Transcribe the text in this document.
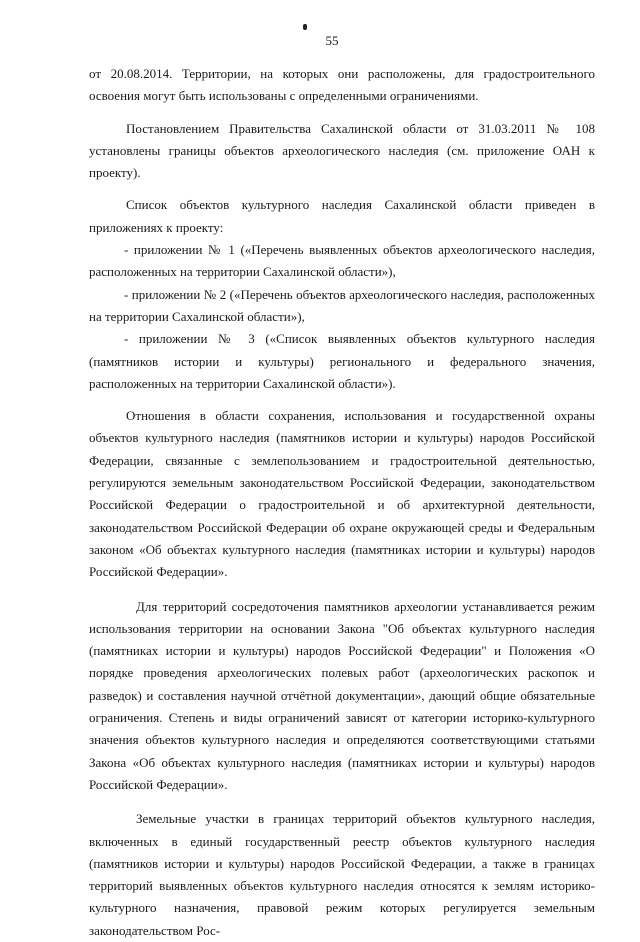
55

от 20.08.2014. Территории, на которых они расположены, для градостроительного освоения могут быть использованы с определенными ограничениями.

Постановлением Правительства Сахалинской области от 31.03.2011 № 108 установлены границы объектов археологического наследия (см. приложение ОАН к проекту).

Список объектов культурного наследия Сахалинской области приведен в приложениях к проекту:

- приложении № 1 («Перечень выявленных объектов археологического наследия, расположенных на территории Сахалинской области»),

- приложении № 2 («Перечень объектов археологического наследия, расположенных на территории Сахалинской области»),

- приложении № 3 («Список выявленных объектов культурного наследия (памятников истории и культуры) регионального и федерального значения, расположенных на территории Сахалинской области»).

Отношения в области сохранения, использования и государственной охраны объектов культурного наследия (памятников истории и культуры) народов Российской Федерации, связанные с землепользованием и градостроительной деятельностью, регулируются земельным законодательством Российской Федерации, законодательством Российской Федерации о градостроительной и об архитектурной деятельности, законодательством Российской Федерации об охране окружающей среды и Федеральным законом «Об объектах культурного наследия (памятниках истории и культуры) народов Российской Федерации».

Для территорий сосредоточения памятников археологии устанавливается режим использования территории на основании Закона "Об объектах культурного наследия (памятниках истории и культуры) народов Российской Федерации" и Положения «О порядке проведения археологических полевых работ (археологических раскопок и разведок) и составления научной отчётной документации», дающий общие обязательные ограничения. Степень и виды ограничений зависят от категории историко-культурного значения объектов культурного наследия и определяются соответствующими статьями Закона «Об объектах культурного наследия (памятниках истории и культуры) народов Российской Федерации».

Земельные участки в границах территорий объектов культурного наследия, включенных в единый государственный реестр объектов культурного наследия (памятников истории и культуры) народов Российской Федерации, а также в границах территорий выявленных объектов культурного наследия относятся к землям историко-культурного назначения, правовой режим которых регулируется земельным законодательством Рос-
